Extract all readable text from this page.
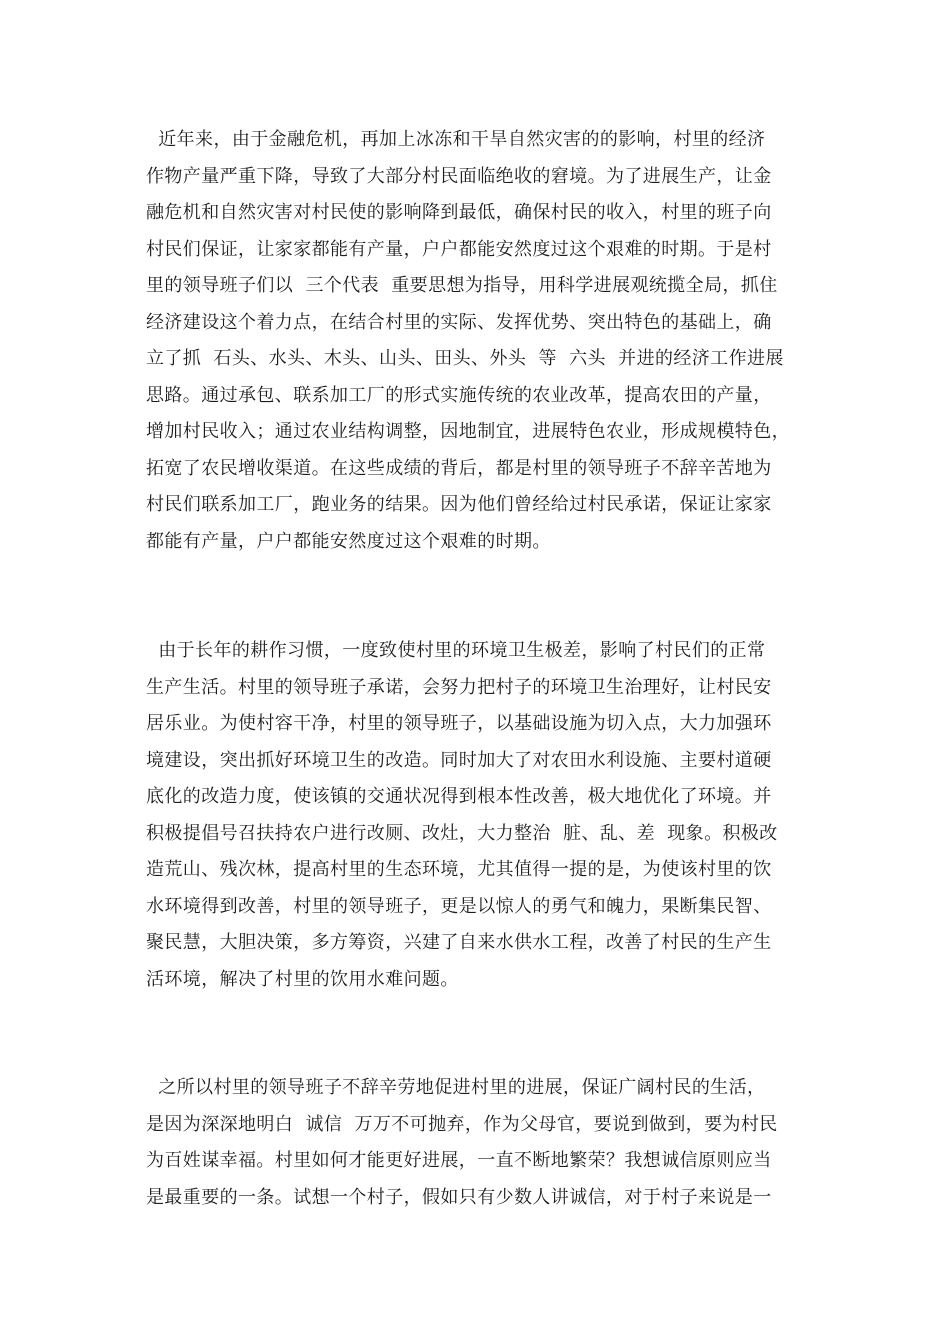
近年来，由于金融危机，再加上冰冻和干旱自然灾害的的影响，村里的经济
作物产量严重下降，导致了大部分村民面临绝收的窘境。为了进展生产，让金
融危机和自然灾害对村民使的影响降到最低，确保村民的收入，村里的班子向
村民们保证，让家家都能有产量，户户都能安然度过这个艰难的时期。于是村
里的领导班子们以  三个代表  重要思想为指导，用科学进展观统揽全局，抓住
经济建设这个着力点，在结合村里的实际、发挥优势、突出特色的基础上，确
立了抓  石头、水头、木头、山头、田头、外头  等  六头  并进的经济工作进展
思路。通过承包、联系加工厂的形式实施传统的农业改革，提高农田的产量，
增加村民收入；通过农业结构调整，因地制宜，进展特色农业，形成规模特色，
拓宽了农民增收渠道。在这些成绩的背后，都是村里的领导班子不辞辛苦地为
村民们联系加工厂，跑业务的结果。因为他们曾经给过村民承诺，保证让家家
都能有产量，户户都能安然度过这个艰难的时期。
由于长年的耕作习惯，一度致使村里的环境卫生极差，影响了村民们的正常
生产生活。村里的领导班子承诺，会努力把村子的环境卫生治理好，让村民安
居乐业。为使村容干净，村里的领导班子，以基础设施为切入点，大力加强环
境建设，突出抓好环境卫生的改造。同时加大了对农田水利设施、主要村道硬
底化的改造力度，使该镇的交通状况得到根本性改善，极大地优化了环境。并
积极提倡号召扶持农户进行改厕、改灶，大力整治  脏、乱、差  现象。积极改
造荒山、残次林，提高村里的生态环境，尤其值得一提的是，为使该村里的饮
水环境得到改善，村里的领导班子，更是以惊人的勇气和魄力，果断集民智、
聚民慧，大胆决策，多方筹资，兴建了自来水供水工程，改善了村民的生产生
活环境，解决了村里的饮用水难问题。
之所以村里的领导班子不辞辛劳地促进村里的进展，保证广阔村民的生活，
是因为深深地明白  诚信  万万不可抛弃，作为父母官，要说到做到，要为村民
为百姓谋幸福。村里如何才能更好进展，一直不断地繁荣？我想诚信原则应当
是最重要的一条。试想一个村子，假如只有少数人讲诚信，对于村子来说是一
